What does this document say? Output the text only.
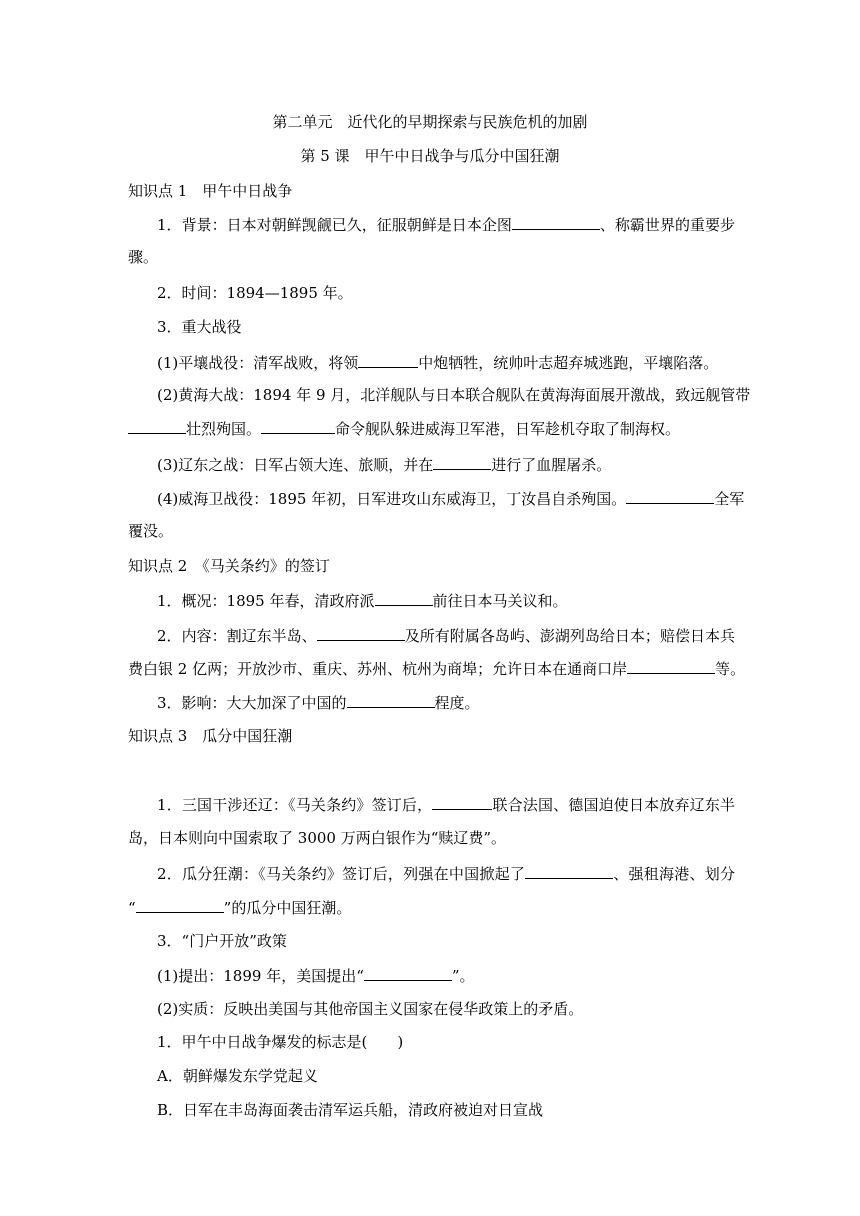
第二单元　近代化的早期探索与民族危机的加剧
第 5 课　甲午中日战争与瓜分中国狂潮
知识点 1　甲午中日战争
1．背景：日本对朝鲜觊觎已久，征服朝鲜是日本企图	、称霸世界的重要步
骤。
2．时间：1894—1895 年。
3．重大战役
(1)平壤战役：清军战败，将领	中炮牺牲，统帅叶志超弃城逃跑，平壤陷落。
(2)黄海大战：1894 年 9 月，北洋舰队与日本联合舰队在黄海海面展开激战，致远舰管带
壮烈殉国。	命令舰队躲进威海卫军港，日军趁机夺取了制海权。
(3)辽东之战：日军占领大连、旅顺，并在	进行了血腥屠杀。
(4)威海卫战役：1895 年初，日军进攻山东威海卫，丁汝昌自杀殉国。	全军
覆没。
知识点 2　《马关条约》的签订
1．概况：1895 年春，清政府派	前往日本马关议和。
2．内容：割辽东半岛、	及所有附属各岛屿、澎湖列岛给日本；赔偿日本兵
费白银 2 亿两；开放沙市、重庆、苏州、杭州为商埠；允许日本在通商口岸	等。
3．影响：大大加深了中国的	程度。
知识点 3　瓜分中国狂潮
1．三国干涉还辽：《马关条约》签订后，	联合法国、德国迫使日本放弃辽东半
岛，日本则向中国索取了 3000 万两白银作为“赎辽费”。
2．瓜分狂潮：《马关条约》签订后，列强在中国掀起了	、强租海港、划分
“	”的瓜分中国狂潮。
3．“门户开放”政策
(1)提出：1899 年，美国提出“	”。
(2)实质：反映出美国与其他帝国主义国家在侵华政策上的矛盾。
1．甲午中日战争爆发的标志是(　　)
A．朝鲜爆发东学党起义
B．日军在丰岛海面袭击清军运兵船，清政府被迫对日宣战
